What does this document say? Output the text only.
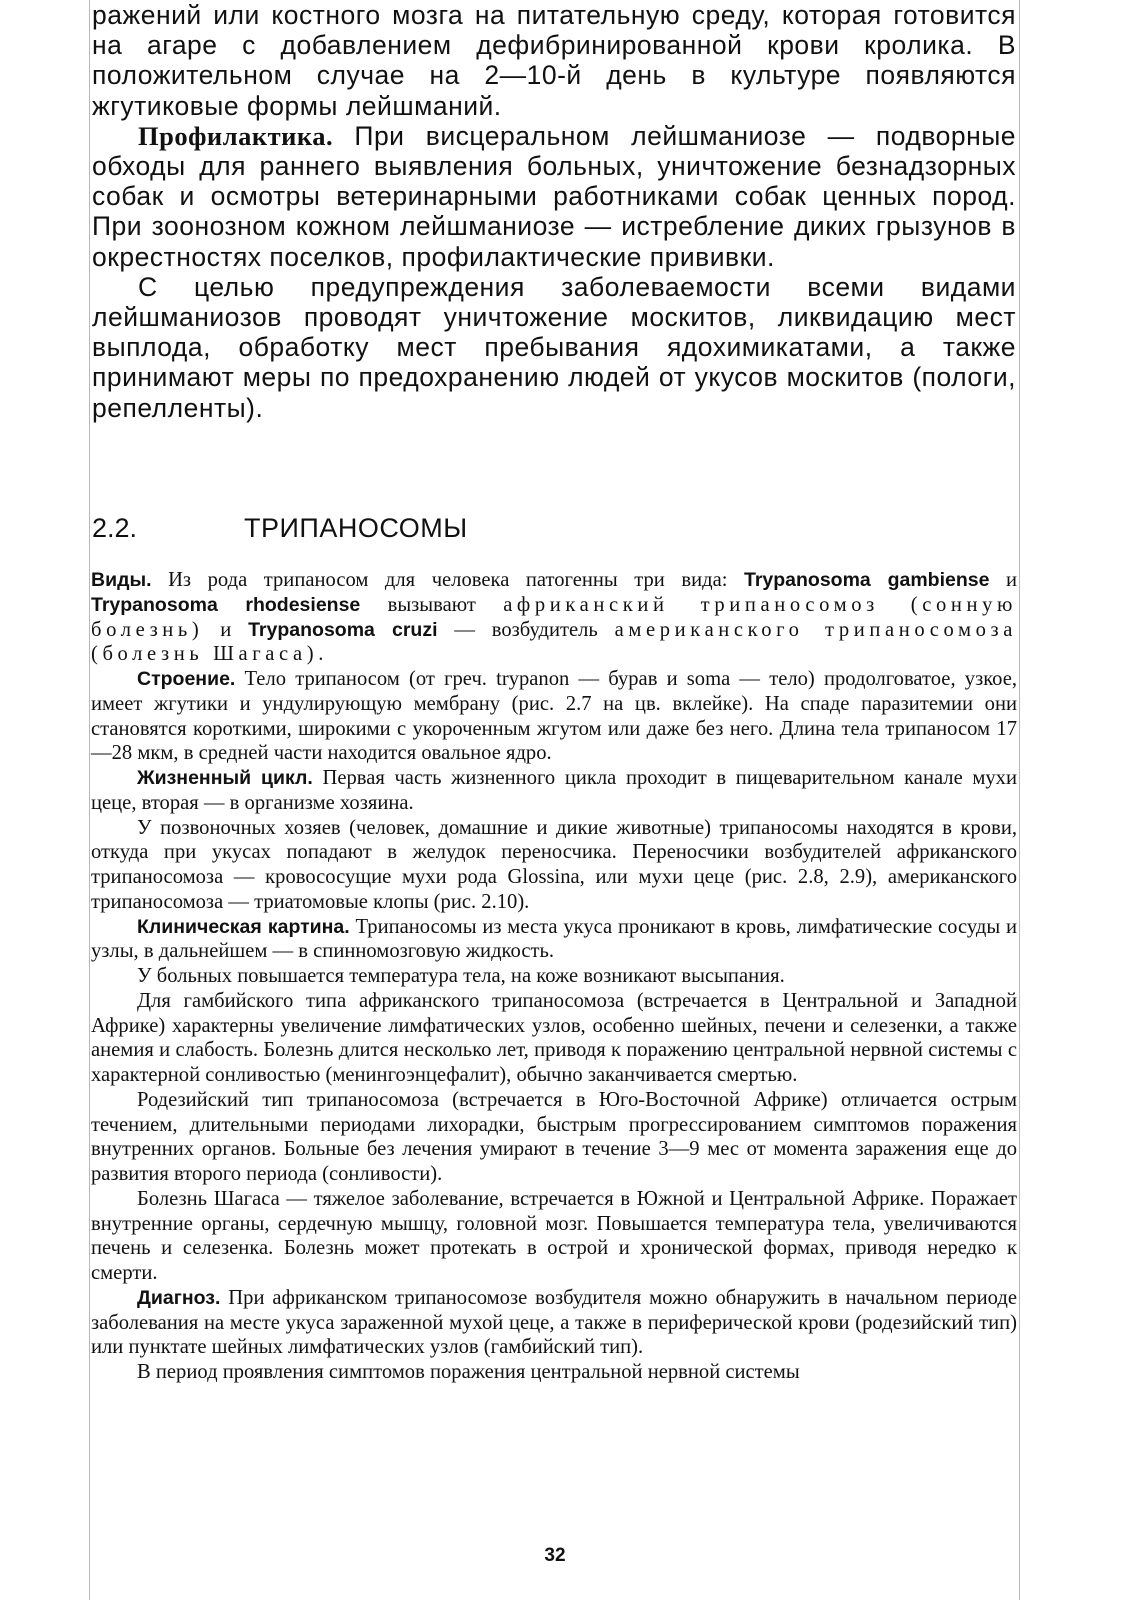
ражений или костного мозга на питательную среду, которая готовится на агаре с добавлением дефибринированной крови кролика. В положительном случае на 2—10-й день в культуре появляются жгутиковые формы лейшманий.

Профилактика. При висцеральном лейшманиозе — подворные обходы для раннего выявления больных, уничтожение безнадзорных собак и осмотры ветеринарными работниками собак ценных пород. При зоонозном кожном лейшманиозе — истребление диких грызунов в окрестностях поселков, профилактические прививки.

С целью предупреждения заболеваемости всеми видами лейшманиозов проводят уничтожение москитов, ликвидацию мест выплода, обработку мест пребывания ядохимикатами, а также принимают меры по предохранению людей от укусов москитов (пологи, репелленты).

2.2.	ТРИПАНОСОМЫ

Виды. Из рода трипаносом для человека патогенны три вида: Trypanosoma gambiense и Trypanosoma rhodesiense вызывают африканский трипаносомоз (сонную болезнь) и Trypanosoma cruzi — возбудитель американского трипаносомоза (болезнь Шагаса).

Строение. Тело трипаносом (от греч. trypanon — бурав и soma — тело) продолговатое, узкое, имеет жгутики и ундулирующую мембрану (рис. 2.7 на цв. вклейке). На спаде паразитемии они становятся короткими, широкими с укороченным жгутом или даже без него. Длина тела трипаносом 17—28 мкм, в средней части находится овальное ядро.

Жизненный цикл. Первая часть жизненного цикла проходит в пищеварительном канале мухи цеце, вторая — в организме хозяина.

У позвоночных хозяев (человек, домашние и дикие животные) трипаносомы находятся в крови, откуда при укусах попадают в желудок переносчика. Переносчики возбудителей африканского трипаносомоза — кровососущие мухи рода Glossina, или мухи цеце (рис. 2.8, 2.9), американского трипаносомоза — триатомовые клопы (рис. 2.10).

Клиническая картина. Трипаносомы из места укуса проникают в кровь, лимфатические сосуды и узлы, в дальнейшем — в спинномозговую жидкость.

У больных повышается температура тела, на коже возникают высыпания.

Для гамбийского типа африканского трипаносомоза (встречается в Центральной и Западной Африке) характерны увеличение лимфатических узлов, особенно шейных, печени и селезенки, а также анемия и слабость. Болезнь длится несколько лет, приводя к поражению центральной нервной системы с характерной сонливостью (менингоэнцефалит), обычно заканчивается смертью.

Родезийский тип трипаносомоза (встречается в Юго-Восточной Африке) отличается острым течением, длительными периодами лихорадки, быстрым прогрессированием симптомов поражения внутренних органов. Больные без лечения умирают в течение 3—9 мес от момента заражения еще до развития второго периода (сонливости).

Болезнь Шагаса — тяжелое заболевание, встречается в Южной и Центральной Африке. Поражает внутренние органы, сердечную мышцу, головной мозг. Повышается температура тела, увеличиваются печень и селезенка. Болезнь может протекать в острой и хронической формах, приводя нередко к смерти.

Диагноз. При африканском трипаносомозе возбудителя можно обнаружить в начальном периоде заболевания на месте укуса зараженной мухой цеце, а также в периферической крови (родезийский тип) или пунктате шейных лимфатических узлов (гамбийский тип).

В период проявления симптомов поражения центральной нервной системы

32
